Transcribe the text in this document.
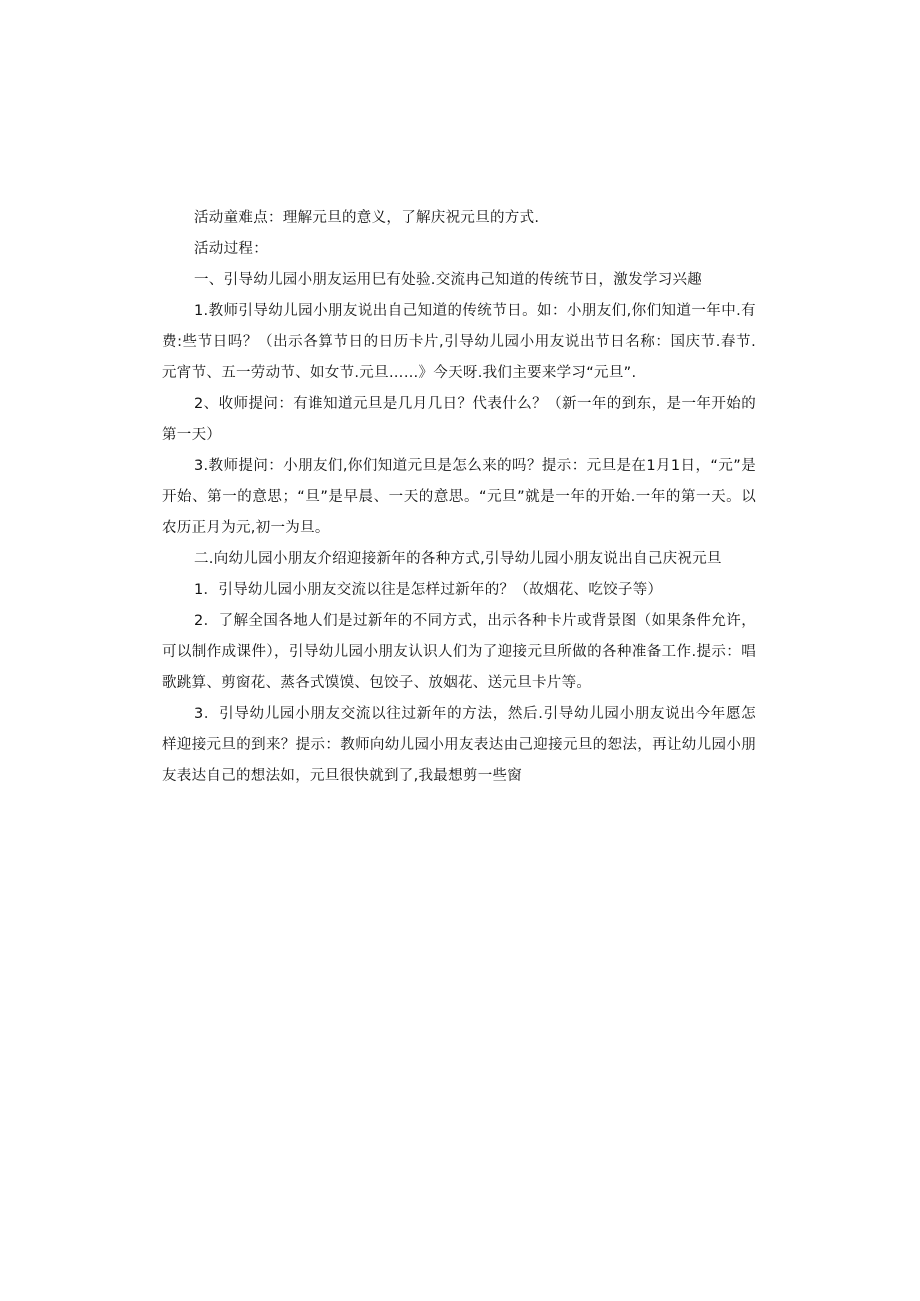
活动童难点：理解元旦的意义，了解庆祝元旦的方式.

活动过程：

一、引导幼儿园小朋友运用巳有处验.交流冉己知道的传统节日，激发学习兴趣

1.教师引导幼儿园小朋友说出自己知道的传统节日。如：小朋友们,你们知道一年中.有费:些节日吗？（出示各算节日的日历卡片,引导幼儿园小用友说出节日名称：国庆节.春节.元宵节、五一劳动节、如女节.元旦……》今天呀.我们主要来学习“元旦”.

2、收师提问：有谁知道元旦是几月几日？代表什么？（新一年的到东，是一年开始的第一天）

3.教师提问：小朋友们,你们知道元旦是怎么来的吗？提示：元旦是在1月1日，“元”是开始、第一的意思；“旦”是早晨、一天的意思。“元旦”就是一年的开始.一年的第一天。以农历正月为元,初一为旦。

二.向幼儿园小朋友介绍迎接新年的各种方式,引导幼儿园小朋友说出自己庆祝元旦

1．引导幼儿园小朋友交流以往是怎样过新年的？（故烟花、吃饺子等）

2．了解全国各地人们是过新年的不同方式，出示各种卡片或背景图（如果条件允许，可以制作成课件），引导幼儿园小朋友认识人们为了迎接元旦所做的各种准备工作.提示：唱歌跳算、剪窗花、蒸各式馍馍、包饺子、放姻花、送元旦卡片等。

3．引导幼儿园小朋友交流以往过新年的方法，然后.引导幼儿园小朋友说出今年愿怎样迎接元旦的到来？提示：教师向幼儿园小用友表达由己迎接元旦的恕法，再让幼儿园小朋友表达自己的想法如，元旦很快就到了,我最想剪一些窗
